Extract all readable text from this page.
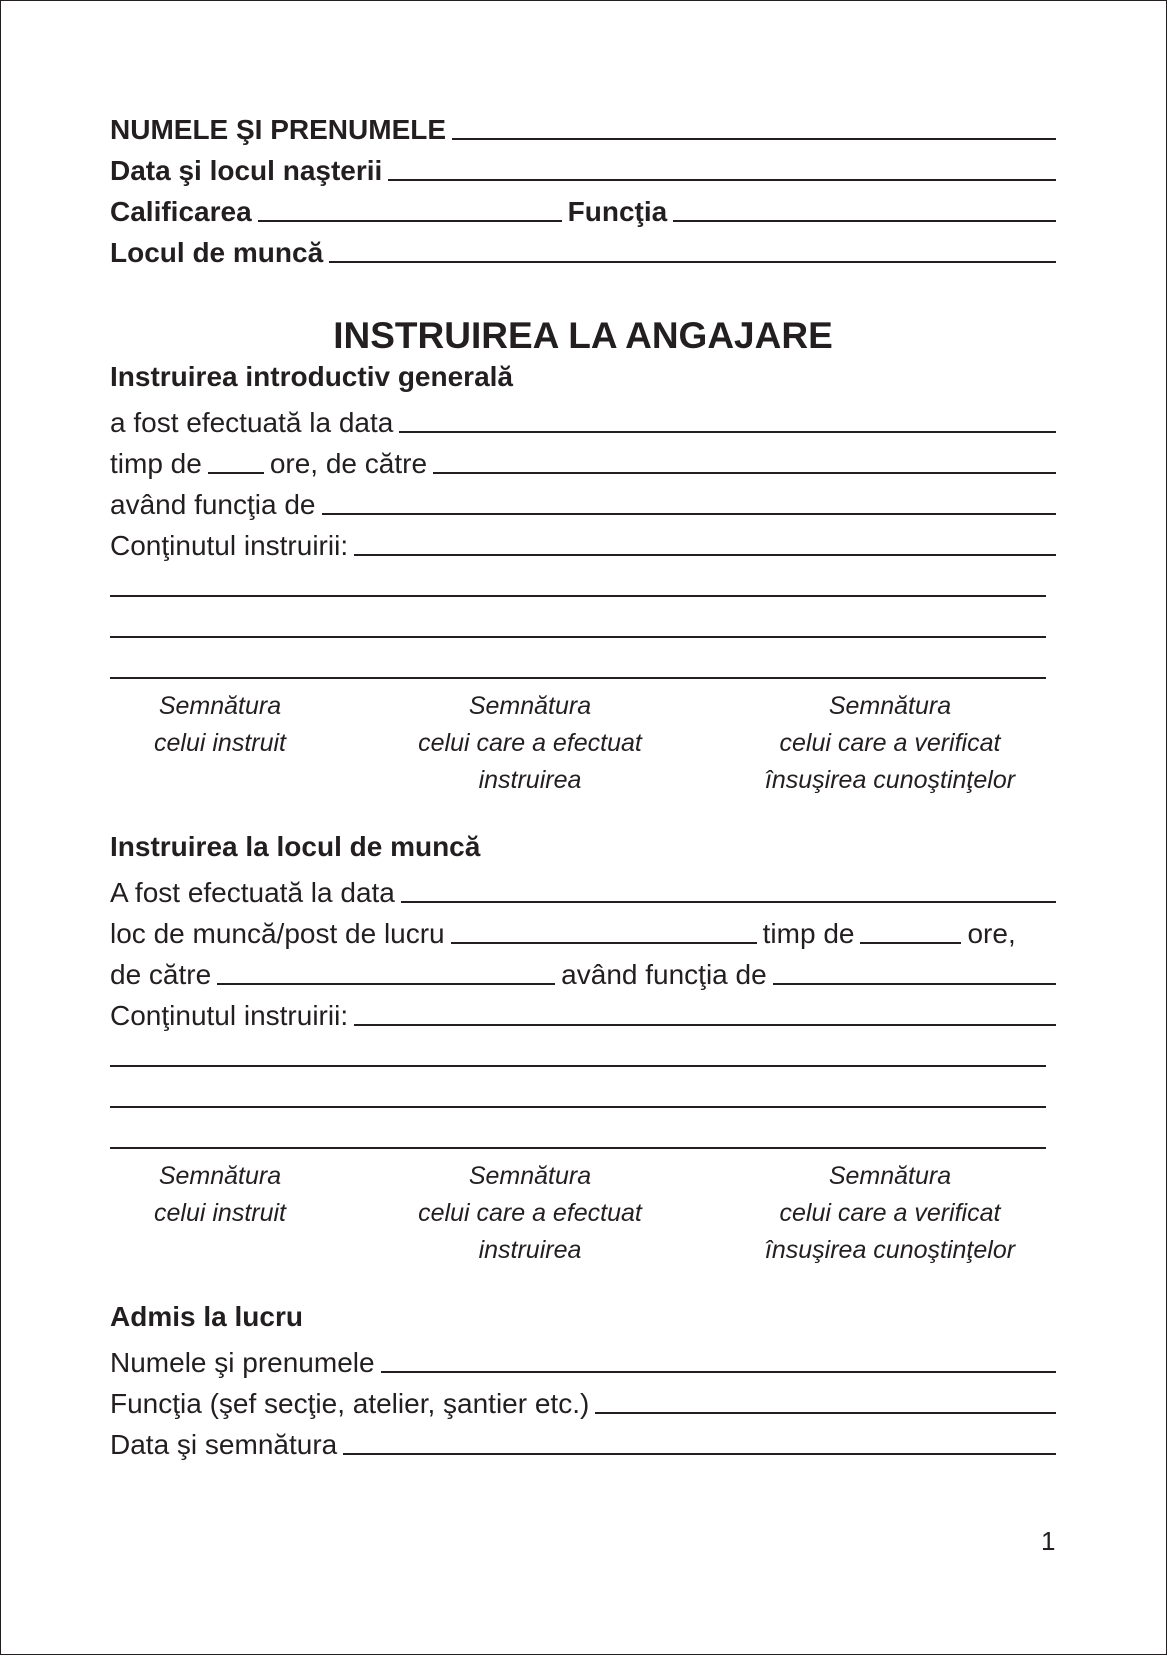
NUMELE ŞI PRENUMELE
Data şi locul naşterii
Calificarea	Funcţia
Locul de muncă
INSTRUIREA LA ANGAJARE
Instruirea introductiv generală
a fost efectuată la data
timp de ore, de către
având funcţia de
Conţinutul instruirii:
Semnătura
celui instruit
Semnătura
celui care a efectuat
instruirea
Semnătura
celui care a verificat
însuşirea cunoştinţelor
Instruirea la locul de muncă
A fost efectuată la data
loc de muncă/post de lucru	timp de	ore,
de către	având funcţia de
Conţinutul instruirii:
Semnătura
celui instruit
Semnătura
celui care a efectuat
instruirea
Semnătura
celui care a verificat
însuşirea cunoştinţelor
Admis la lucru
Numele şi prenumele
Funcţia (şef secţie, atelier, şantier etc.)
Data şi semnătura
1
